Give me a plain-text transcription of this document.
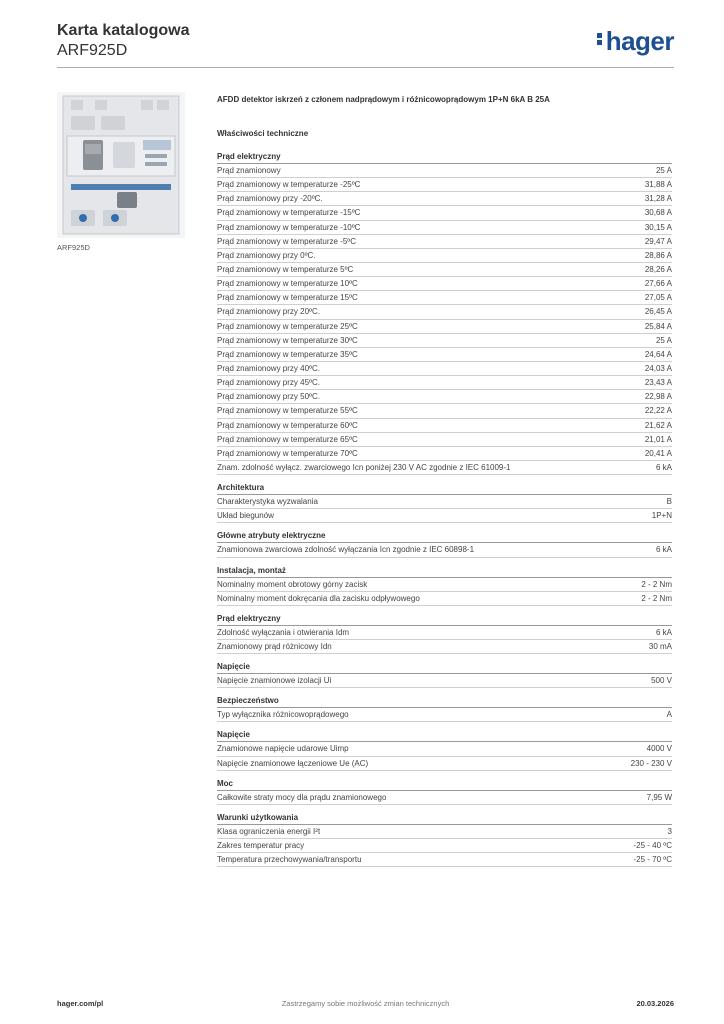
Karta katalogowa
ARF925D	hager
ARF925D
AFDD detektor iskrzeń z członem nadprądowym i różnicowoprądowym 1P+N 6kA B 25A
Właściwości techniczne
Prąd elektryczny
Prąd znamionowy	25 A
Prąd znamionowy w temperaturze -25ºC	31,88 A
Prąd znamionowy przy -20ºC.	31,28 A
Prąd znamionowy w temperaturze -15ºC	30,68 A
Prąd znamionowy w temperaturze -10ºC	30,15 A
Prąd znamionowy w temperaturze -5ºC	29,47 A
Prąd znamionowy przy 0ºC.	28,86 A
Prąd znamionowy w temperaturze 5ºC	28,26 A
Prąd znamionowy w temperaturze 10ºC	27,66 A
Prąd znamionowy w temperaturze 15ºC	27,05 A
Prąd znamionowy przy 20ºC.	26,45 A
Prąd znamionowy w temperaturze 25ºC	25,84 A
Prąd znamionowy w temperaturze 30ºC	25 A
Prąd znamionowy w temperaturze 35ºC	24,64 A
Prąd znamionowy przy 40ºC.	24,03 A
Prąd znamionowy przy 45ºC.	23,43 A
Prąd znamionowy przy 50ºC.	22,98 A
Prąd znamionowy w temperaturze 55ºC	22,22 A
Prąd znamionowy w temperaturze 60ºC	21,62 A
Prąd znamionowy w temperaturze 65ºC	21,01 A
Prąd znamionowy w temperaturze 70ºC	20,41 A
Znam. zdolność wyłącz. zwarciowego Icn poniżej 230 V AC zgodnie z IEC 61009-1	6 kA
Architektura
Charakterystyka wyzwalania	B
Układ biegunów	1P+N
Główne atrybuty elektryczne
Znamionowa zwarciowa zdolność wyłączania Icn zgodnie z IEC 60898-1	6 kA
Instalacja, montaż
Nominalny moment obrotowy górny zacisk	2 - 2 Nm
Nominalny moment dokręcania dla zacisku odpływowego	2 - 2 Nm
Prąd elektryczny
Zdolność wyłączania i otwierania Idm	6 kA
Znamionowy prąd różnicowy Idn	30 mA
Napięcie
Napięcie znamionowe izolacji Ui	500 V
Bezpieczeństwo
Typ wyłącznika różnicowoprądowego	A
Napięcie
Znamionowe napięcie udarowe Uimp	4000 V
Napięcie znamionowe łączeniowe Ue (AC)	230 - 230 V
Moc
Całkowite straty mocy dla prądu znamionowego	7,95 W
Warunki użytkowania
Klasa ograniczenia energii I²t	3
Zakres temperatur pracy	-25 - 40 ºC
Temperatura przechowywania/transportu	-25 - 70 ºC
hager.com/pl	Zastrzegamy sobie możliwość zmian technicznych	20.03.2026
